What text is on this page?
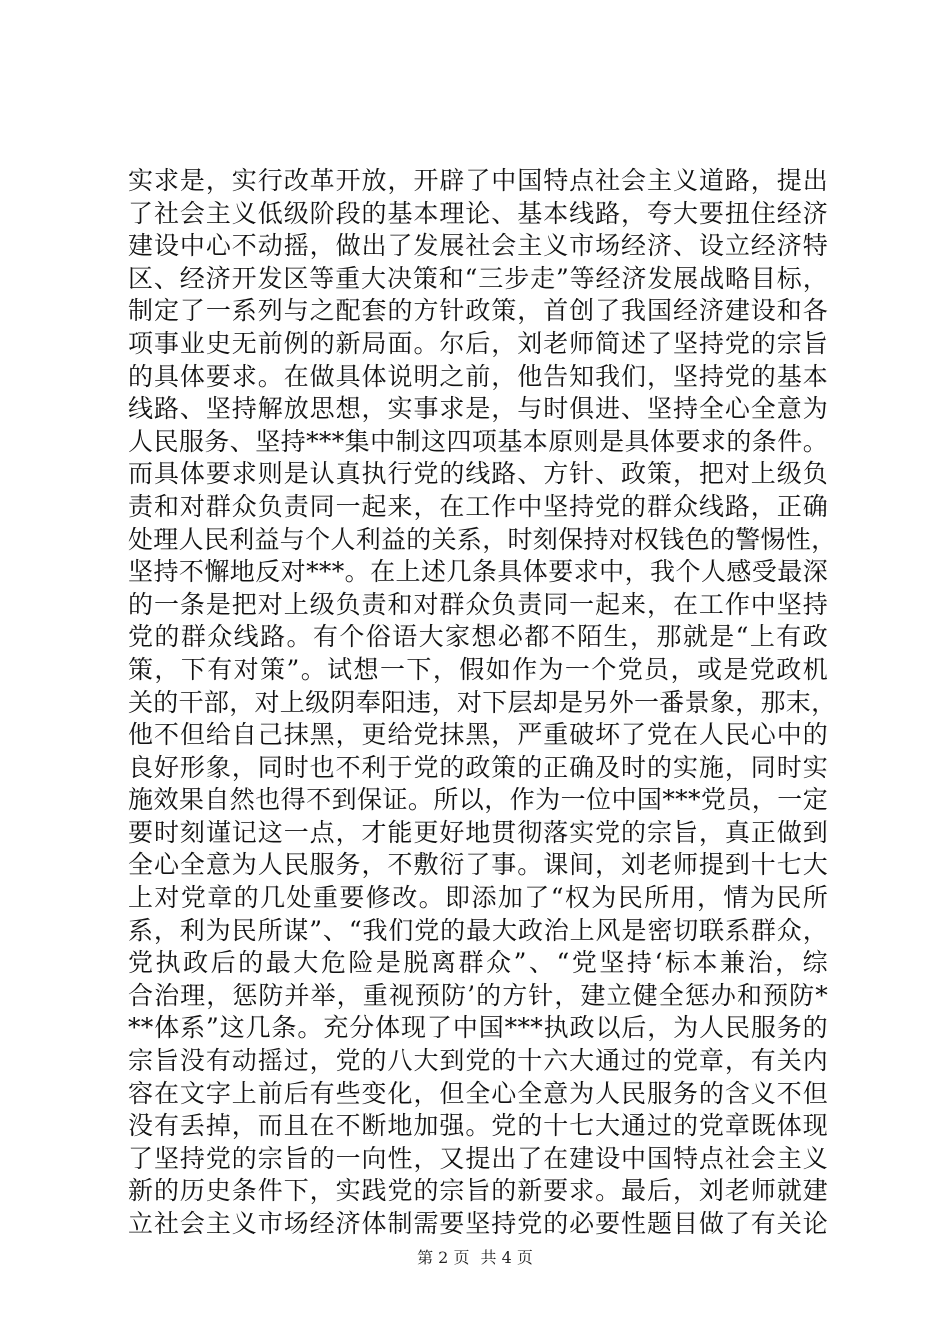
实求是，实行改革开放，开辟了中国特点社会主义道路，提出
了社会主义低级阶段的基本理论、基本线路，夸大要扭住经济
建设中心不动摇，做出了发展社会主义市场经济、设立经济特
区、经济开发区等重大决策和“三步走”等经济发展战略目标，
制定了一系列与之配套的方针政策，首创了我国经济建设和各
项事业史无前例的新局面。尔后，刘老师简述了坚持党的宗旨
的具体要求。在做具体说明之前，他告知我们，坚持党的基本
线路、坚持解放思想，实事求是，与时俱进、坚持全心全意为
人民服务、坚持***集中制这四项基本原则是具体要求的条件。
而具体要求则是认真执行党的线路、方针、政策，把对上级负
责和对群众负责同一起来，在工作中坚持党的群众线路，正确
处理人民利益与个人利益的关系，时刻保持对权钱色的警惕性，
坚持不懈地反对***。在上述几条具体要求中，我个人感受最深
的一条是把对上级负责和对群众负责同一起来，在工作中坚持
党的群众线路。有个俗语大家想必都不陌生，那就是“上有政
策，下有对策”。试想一下，假如作为一个党员，或是党政机
关的干部，对上级阴奉阳违，对下层却是另外一番景象，那末，
他不但给自己抹黑，更给党抹黑，严重破坏了党在人民心中的
良好形象，同时也不利于党的政策的正确及时的实施，同时实
施效果自然也得不到保证。所以，作为一位中国***党员，一定
要时刻谨记这一点，才能更好地贯彻落实党的宗旨，真正做到
全心全意为人民服务，不敷衍了事。课间，刘老师提到十七大
上对党章的几处重要修改。即添加了“权为民所用，情为民所
系，利为民所谋”、“我们党的最大政治上风是密切联系群众，
党执政后的最大危险是脱离群众”、“党坚持‘标本兼治，综
合治理，惩防并举，重视预防’的方针，建立健全惩办和预防*
**体系”这几条。充分体现了中国***执政以后，为人民服务的
宗旨没有动摇过，党的八大到党的十六大通过的党章，有关内
容在文字上前后有些变化，但全心全意为人民服务的含义不但
没有丢掉，而且在不断地加强。党的十七大通过的党章既体现
了坚持党的宗旨的一向性，又提出了在建设中国特点社会主义
新的历史条件下，实践党的宗旨的新要求。最后，刘老师就建
立社会主义市场经济体制需要坚持党的必要性题目做了有关论
第 2 页 共 4 页
